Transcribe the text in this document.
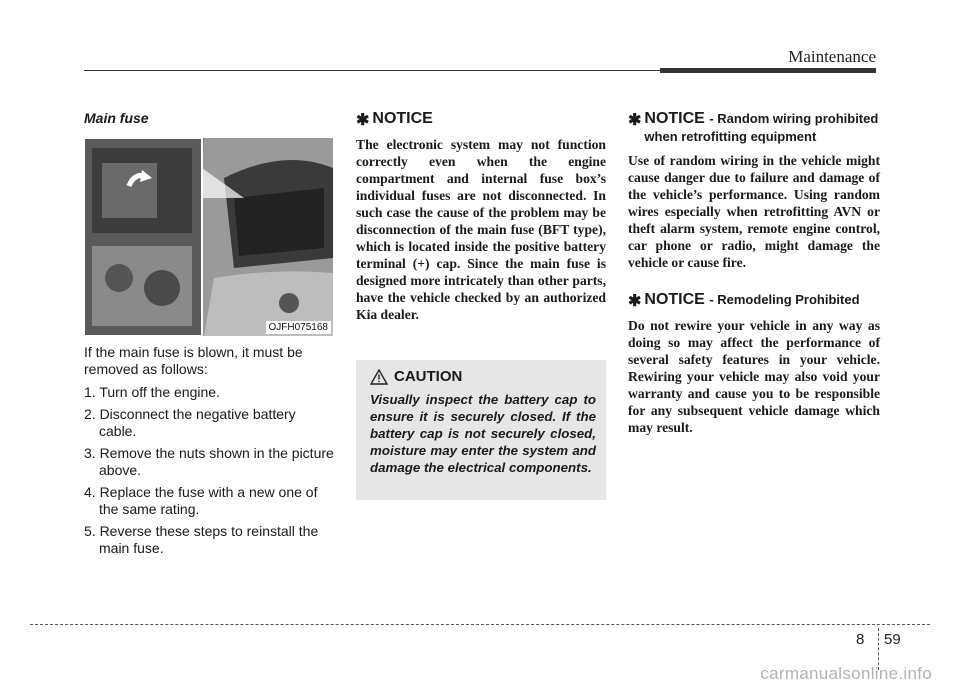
Maintenance
Main fuse
OJFH075168

If the main fuse is blown, it must be removed as follows:

1. Turn off the engine.
2. Disconnect the negative battery cable.
3. Remove the nuts shown in the picture above.
4. Replace the fuse with a new one of the same rating.
5. Reverse these steps to reinstall the main fuse.
✱ NOTICE

The electronic system may not function correctly even when the engine compartment and internal fuse box’s individual fuses are not disconnected. In such case the cause of the problem may be disconnection of the main fuse (BFT type), which is located inside the positive battery terminal (+) cap. Since the main fuse is designed more intricately than other parts, have the vehicle checked by an authorized Kia dealer.

CAUTION

Visually inspect the battery cap to ensure it is securely closed. If the battery cap is not securely closed, moisture may enter the system and damage the electrical components.

✱ NOTICE - Random wiring prohibited when retrofitting equipment

Use of random wiring in the vehicle might cause danger due to failure and damage of the vehicle’s performance. Using random wires especially when retrofitting AVN or theft alarm system, remote engine control, car phone or radio, might damage the vehicle or cause fire.

✱ NOTICE - Remodeling Prohibited

Do not rewire your vehicle in any way as doing so may affect the performance of several safety features in your vehicle. Rewiring your vehicle may also void your warranty and cause you to be responsible for any subsequent vehicle damage which may result.

8 59
carmanualsonline.info
